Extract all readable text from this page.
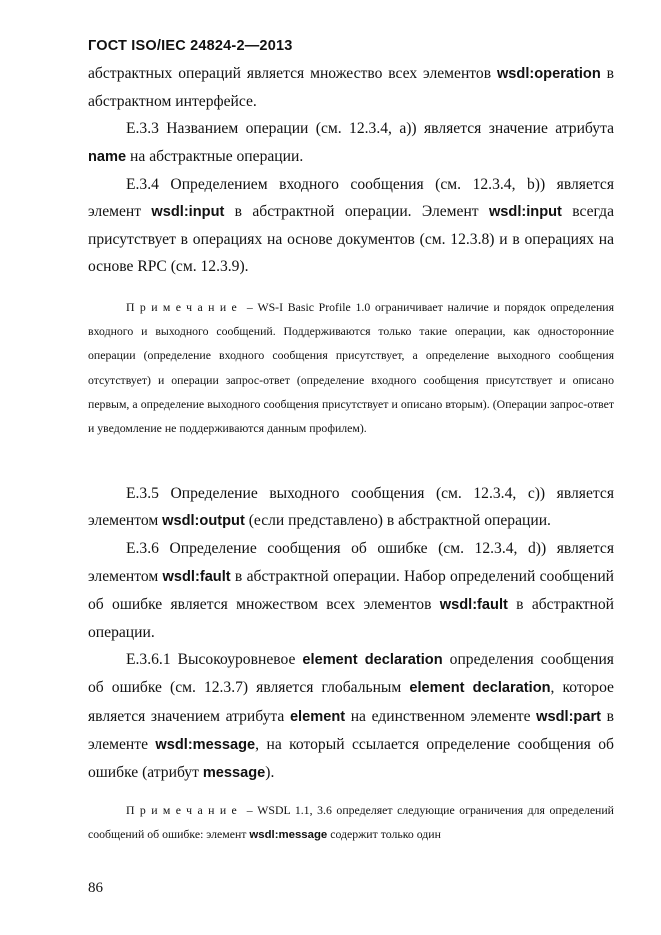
ГОСТ ISO/IEC 24824-2—2013

абстрактных операций является множество всех элементов wsdl:operation в абстрактном интерфейсе.

E.3.3 Названием операции (см. 12.3.4, a)) является значение атрибута name на абстрактные операции.

E.3.4 Определением входного сообщения (см. 12.3.4, b)) является элемент wsdl:input в абстрактной операции. Элемент wsdl:input всегда присутствует в операциях на основе документов (см. 12.3.8) и в операциях на основе RPC (см. 12.3.9).

Примечание – WS-I Basic Profile 1.0 ограничивает наличие и порядок определения входного и выходного сообщений. Поддерживаются только такие операции, как односторонние операции (определение входного сообщения присутствует, а определение выходного сообщения отсутствует) и операции запрос-ответ (определение входного сообщения присутствует и описано первым, а определение выходного сообщения присутствует и описано вторым). (Операции запрос-ответ и уведомление не поддерживаются данным профилем).

E.3.5 Определение выходного сообщения (см. 12.3.4, c)) является элементом wsdl:output (если представлено) в абстрактной операции.

E.3.6 Определение сообщения об ошибке (см. 12.3.4, d)) является элементом wsdl:fault в абстрактной операции. Набор определений сообщений об ошибке является множеством всех элементов wsdl:fault в абстрактной операции.

E.3.6.1 Высокоуровневое element declaration определения сообщения об ошибке (см. 12.3.7) является глобальным element declaration, которое является значением атрибута element на единственном элементе wsdl:part в элементе wsdl:message, на который ссылается определение сообщения об ошибке (атрибут message).

Примечание – WSDL 1.1, 3.6 определяет следующие ограничения для определений сообщений об ошибке: элемент wsdl:message содержит только один

86
